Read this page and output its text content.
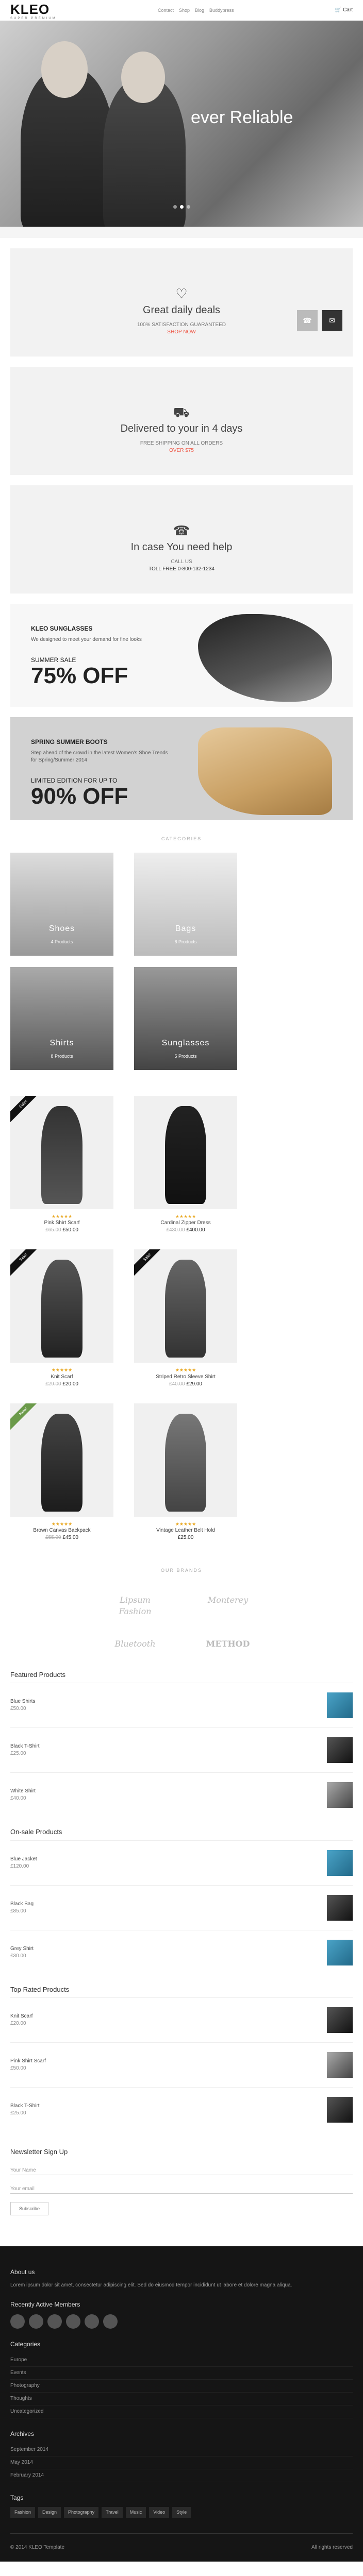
KLEO
SUPER PREMIUM
Contact Shop Blog Buddypress	🛒 Cart
ever Reliable
♡
Great daily deals
100% SATISFACTION GUARANTEED
SHOP NOW
☎	✉
⛟
Delivered to your in 4 days
FREE SHIPPING ON ALL ORDERS
OVER $75
☎
In case You need help
CALL US
TOLL FREE 0-800-132-1234
KLEO SUNGLASSES
We designed to meet your demand for fine looks
SUMMER SALE
75% OFF
SPRING SUMMER BOOTS
Step ahead of the crowd in the latest Women's Shoe Trends for Spring/Summer 2014
LIMITED EDITION FOR UP TO
90% OFF
CATEGORIES
Shoes
4 Products
Bags
6 Products
Shirts
8 Products
Sunglasses
5 Products
Sale!
★★★★★
Pink Shirt Scarf
£65.00 £50.00
★★★★★
Cardinal Zipper Dress
£430.00 £400.00
Sale!
★★★★★
Knit Scarf
£29.00 £20.00
Sale!
★★★★★
Striped Retro Sleeve Shirt
£40.00 £29.00
New!
★★★★★
Brown Canvas Backpack
£55.00 £45.00
★★★★★
Vintage Leather Belt Hold
£25.00
OUR BRANDS
Lipsum Fashion
Monterey
Bluetooth	METHOD
Featured Products
Blue Shirts
£50.00
Black T-Shirt
£25.00
White Shirt
£40.00
On-sale Products
Blue Jacket
£120.00
Black Bag
£85.00
Grey Shirt
£30.00
Top Rated Products
Knit Scarf
£20.00
Pink Shirt Scarf
£50.00
Black T-Shirt
£25.00
Newsletter Sign Up
Your Name
Your email
Subscribe
About us

Lorem ipsum dolor sit amet, consectetur adipiscing elit. Sed do eiusmod tempor incididunt ut labore et dolore magna aliqua.

Recently Active Members
Categories
Europe
Events
Photography
Thoughts
Uncategorized
Archives
September 2014
May 2014
February 2014
Tags
Fashion	Design	Photography	Travel	Music	Video	Style
© 2014 KLEO Template	All rights reserved
